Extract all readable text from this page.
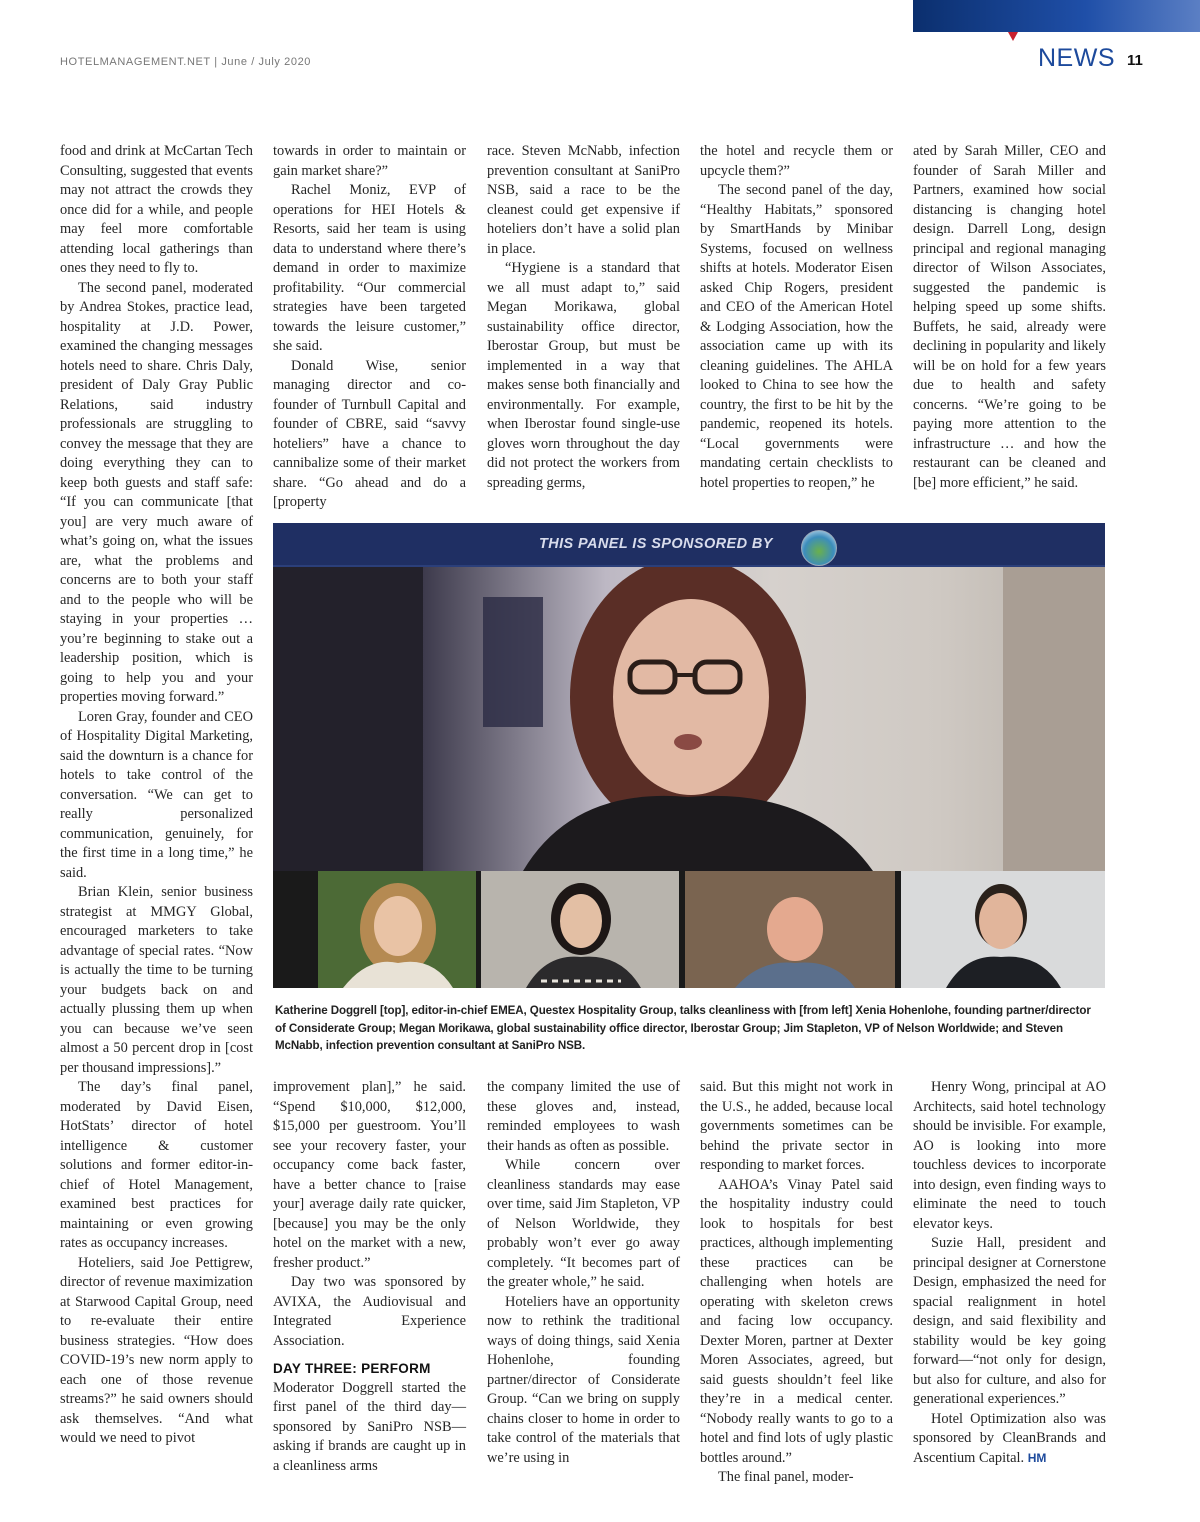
HOTELMANAGEMENT.NET | June / July 2020	NEWS 11

food and drink at McCartan Tech Consulting, suggested that events may not attract the crowds they once did for a while, and people may feel more comfortable attending local gatherings than ones they need to fly to.

The second panel, moderated by Andrea Stokes, practice lead, hospitality at J.D. Power, examined the changing messages hotels need to share. Chris Daly, president of Daly Gray Public Relations, said industry professionals are struggling to convey the message that they are doing everything they can to keep both guests and staff safe: “If you can communicate [that you] are very much aware of what’s going on, what the issues are, what the problems and concerns are to both your staff and to the people who will be staying in your properties … you’re beginning to stake out a leadership position, which is going to help you and your properties moving forward.”

Loren Gray, founder and CEO of Hospitality Digital Marketing, said the downturn is a chance for hotels to take control of the conversation. “We can get to really personalized communication, genuinely, for the first time in a long time,” he said.

Brian Klein, senior business strategist at MMGY Global, encouraged marketers to take advantage of special rates. “Now is actually the time to be turning your budgets back on and actually plussing them up when you can because we’ve seen almost a 50 percent drop in [cost per thousand impressions].”

The day’s final panel, moderated by David Eisen, HotStats’ director of hotel intelligence & customer solutions and former editor-in-chief of Hotel Management, examined best practices for maintaining or even growing rates as occupancy increases.

Hoteliers, said Joe Pettigrew, director of revenue maximization at Starwood Capital Group, need to re-evaluate their entire business strategies. “How does COVID-19’s new norm apply to each one of those revenue streams?” he said owners should ask themselves. “And what would we need to pivot

towards in order to maintain or gain market share?”

Rachel Moniz, EVP of operations for HEI Hotels & Resorts, said her team is using data to understand where there’s demand in order to maximize profitability. “Our commercial strategies have been targeted towards the leisure customer,” she said.

Donald Wise, senior managing director and co-founder of Turnbull Capital and founder of CBRE, said “savvy hoteliers” have a chance to cannibalize some of their market share. “Go ahead and do a [property

race. Steven McNabb, infection prevention consultant at SaniPro NSB, said a race to be the cleanest could get expensive if hoteliers don’t have a solid plan in place.

“Hygiene is a standard that we all must adapt to,” said Megan Morikawa, global sustainability office director, Iberostar Group, but must be implemented in a way that makes sense both financially and environmentally. For example, when Iberostar found single-use gloves worn throughout the day did not protect the workers from spreading germs,

the hotel and recycle them or upcycle them?”

The second panel of the day, “Healthy Habitats,” sponsored by SmartHands by Minibar Systems, focused on wellness shifts at hotels. Moderator Eisen asked Chip Rogers, president and CEO of the American Hotel & Lodging Association, how the association came up with its cleaning guidelines. The AHLA looked to China to see how the country, the first to be hit by the pandemic, reopened its hotels. “Local governments were mandating certain checklists to hotel properties to reopen,” he

ated by Sarah Miller, CEO and founder of Sarah Miller and Partners, examined how social distancing is changing hotel design. Darrell Long, design principal and regional managing director of Wilson Associates, suggested the pandemic is helping speed up some shifts. Buffets, he said, already were declining in popularity and likely will be on hold for a few years due to health and safety concerns. “We’re going to be paying more attention to the infrastructure … and how the restaurant can be cleaned and [be] more efficient,” he said.

THIS PANEL IS SPONSORED BY
Katherine Doggrell [top], editor-in-chief EMEA, Questex Hospitality Group, talks cleanliness with [from left] Xenia Hohenlohe, founding partner/director of Considerate Group; Megan Morikawa, global sustainability office director, Iberostar Group; Jim Stapleton, VP of Nelson Worldwide; and Steven McNabb, infection prevention consultant at SaniPro NSB.

improvement plan],” he said. “Spend $10,000, $12,000, $15,000 per guestroom. You’ll see your recovery faster, your occupancy come back faster, have a better chance to [raise your] average daily rate quicker, [because] you may be the only hotel on the market with a new, fresher product.”

Day two was sponsored by AVIXA, the Audiovisual and Integrated Experience Association.

DAY THREE: PERFORM

Moderator Doggrell started the first panel of the third day—sponsored by SaniPro NSB—asking if brands are caught up in a cleanliness arms

the company limited the use of these gloves and, instead, reminded employees to wash their hands as often as possible.

While concern over cleanliness standards may ease over time, said Jim Stapleton, VP of Nelson Worldwide, they probably won’t ever go away completely. “It becomes part of the greater whole,” he said.

Hoteliers have an opportunity now to rethink the traditional ways of doing things, said Xenia Hohenlohe, founding partner/director of Considerate Group. “Can we bring on supply chains closer to home in order to take control of the materials that we’re using in

said. But this might not work in the U.S., he added, because local governments sometimes can be behind the private sector in responding to market forces.

AAHOA’s Vinay Patel said the hospitality industry could look to hospitals for best practices, although implementing these practices can be challenging when hotels are operating with skeleton crews and facing low occupancy. Dexter Moren, partner at Dexter Moren Associates, agreed, but said guests shouldn’t feel like they’re in a medical center. “Nobody really wants to go to a hotel and find lots of ugly plastic bottles around.”

The final panel, moder-

Henry Wong, principal at AO Architects, said hotel technology should be invisible. For example, AO is looking into more touchless devices to incorporate into design, even finding ways to eliminate the need to touch elevator keys.

Suzie Hall, president and principal designer at Cornerstone Design, emphasized the need for spacial realignment in hotel design, and said flexibility and stability would be key going forward—“not only for design, but also for culture, and also for generational experiences.”

Hotel Optimization also was sponsored by CleanBrands and Ascentium Capital. HM
